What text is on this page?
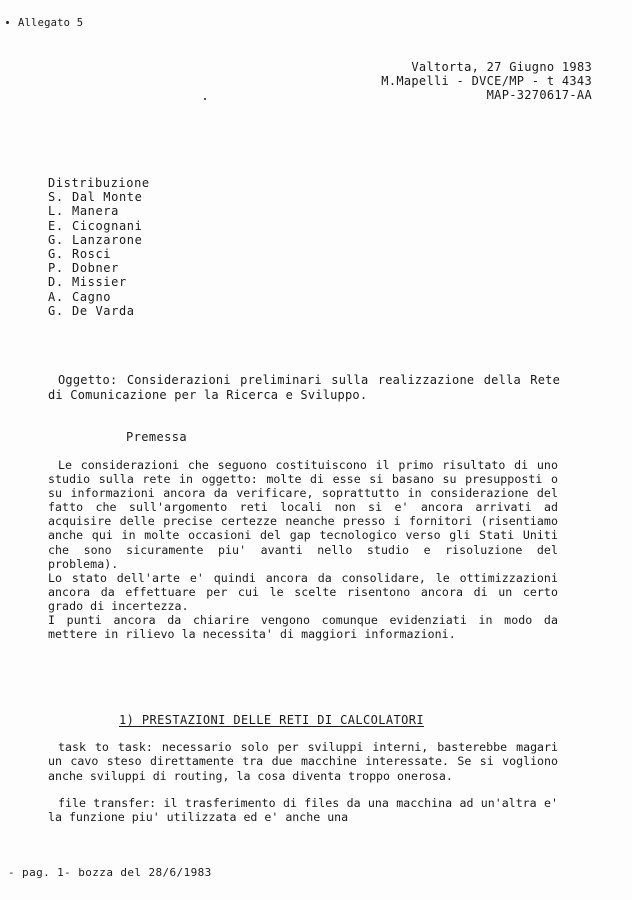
Allegato 5
Valtorta, 27 Giugno 1983
M.Mapelli - DVCE/MP - t 4343
MAP-3270617-AA
Distribuzione
S. Dal Monte
L. Manera
E. Cicognani
G. Lanzarone
G. Rosci
P. Dobner
D. Missier
A. Cagno
G. De Varda
Oggetto: Considerazioni preliminari sulla realizzazione della Rete di Comunicazione per la Ricerca e Sviluppo.
Premessa

Le considerazioni che seguono costituiscono il primo risultato di uno studio sulla rete in oggetto: molte di esse si basano su presupposti o su informazioni ancora da verificare, soprattutto in considerazione del fatto che sull'argomento reti locali non si e' ancora arrivati ad acquisire delle precise certezze neanche presso i fornitori (risentiamo anche qui in molte occasioni del gap tecnologico verso gli Stati Uniti che sono sicuramente piu' avanti nello studio e risoluzione del problema).

Lo stato dell'arte e' quindi ancora da consolidare, le ottimizzazioni ancora da effettuare per cui le scelte risentono ancora di un certo grado di incertezza.

I punti ancora da chiarire vengono comunque evidenziati in modo da mettere in rilievo la necessita' di maggiori informazioni.

1) PRESTAZIONI DELLE RETI DI CALCOLATORI

task to task: necessario solo per sviluppi interni, basterebbe magari un cavo steso direttamente tra due macchine interessate. Se si vogliono anche sviluppi di routing, la cosa diventa troppo onerosa.

file transfer: il trasferimento di files da una macchina ad un'altra e' la funzione piu' utilizzata ed e' anche una

- pag. 1- bozza del 28/6/1983
